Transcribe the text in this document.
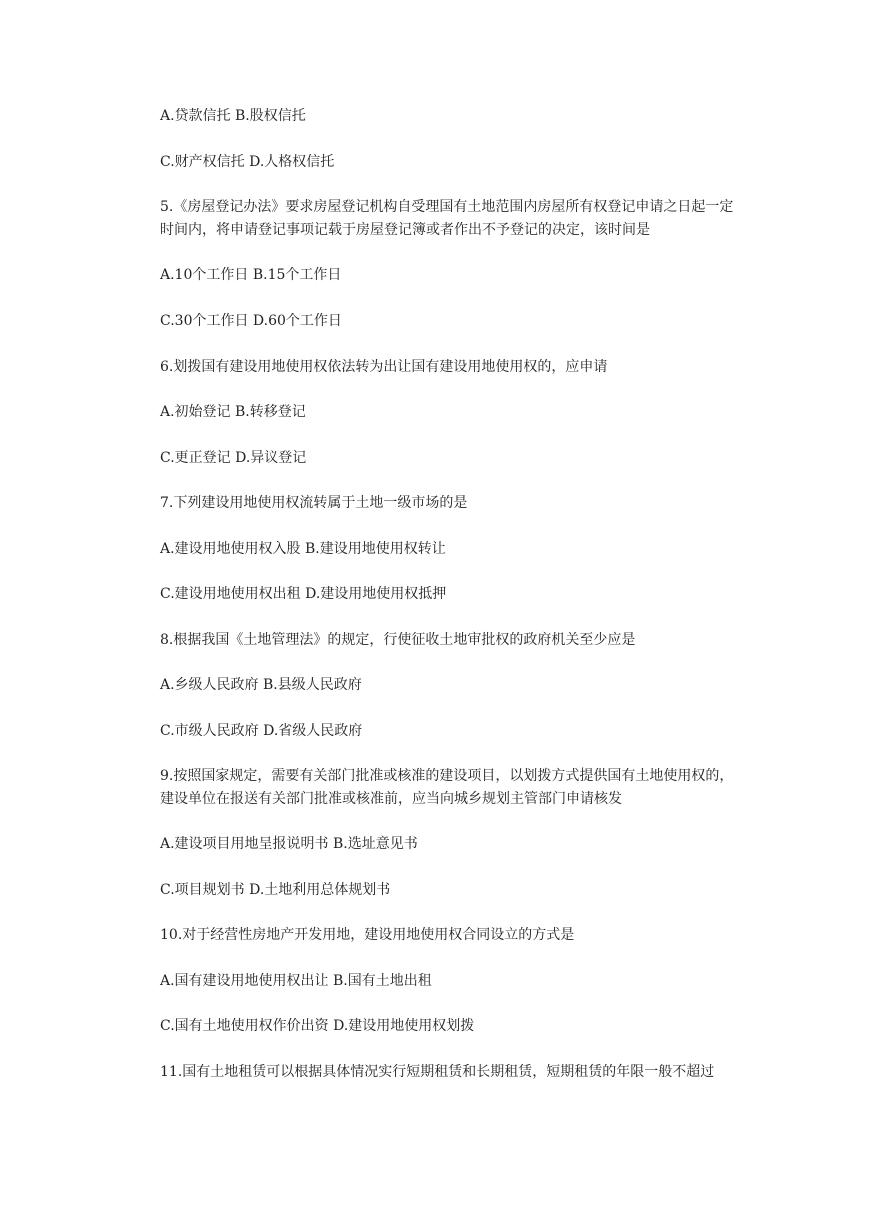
A.贷款信托 B.股权信托

C.财产权信托 D.人格权信托

5.《房屋登记办法》要求房屋登记机构自受理国有土地范围内房屋所有权登记申请之日起一定时间内，将申请登记事项记载于房屋登记簿或者作出不予登记的决定，该时间是

A.10个工作日 B.15个工作日

C.30个工作日 D.60个工作日

6.划拨国有建设用地使用权依法转为出让国有建设用地使用权的，应申请

A.初始登记 B.转移登记

C.更正登记 D.异议登记

7.下列建设用地使用权流转属于土地一级市场的是

A.建设用地使用权入股 B.建设用地使用权转让

C.建设用地使用权出租 D.建设用地使用权抵押

8.根据我国《土地管理法》的规定，行使征收土地审批权的政府机关至少应是

A.乡级人民政府 B.县级人民政府

C.市级人民政府 D.省级人民政府

9.按照国家规定，需要有关部门批准或核准的建设项目，以划拨方式提供国有土地使用权的，建设单位在报送有关部门批准或核准前，应当向城乡规划主管部门申请核发

A.建设项目用地呈报说明书 B.选址意见书

C.项目规划书 D.土地利用总体规划书

10.对于经营性房地产开发用地，建设用地使用权合同设立的方式是

A.国有建设用地使用权出让 B.国有土地出租

C.国有土地使用权作价出资 D.建设用地使用权划拨

11.国有土地租赁可以根据具体情况实行短期租赁和长期租赁，短期租赁的年限一般不超过
